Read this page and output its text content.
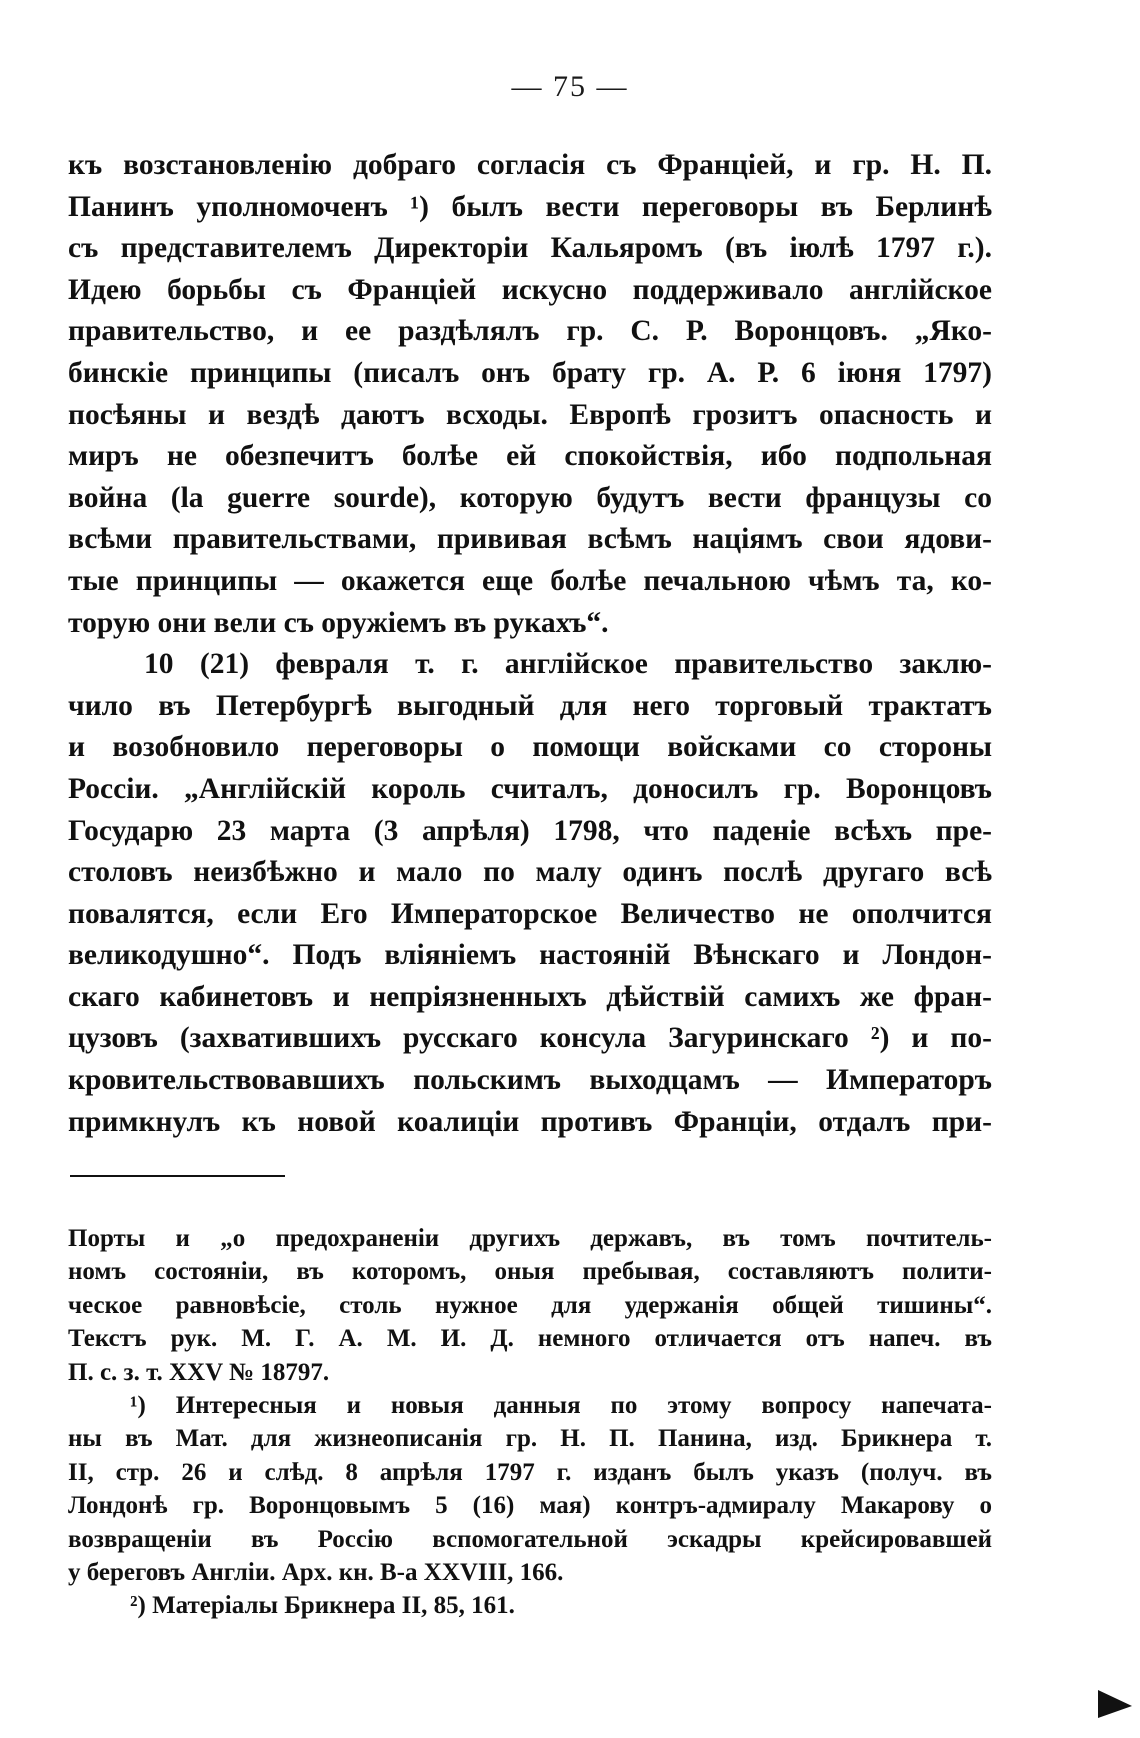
— 75 —
къ возстановленію добраго согласія съ Франціей, и гр. Н. П.
Панинъ уполномоченъ ¹) былъ вести переговоры въ Берлинѣ
съ представителемъ Директоріи Кальяромъ (въ іюлѣ 1797 г.).
Идею борьбы съ Франціей искусно поддерживало англійское
правительство, и ее раздѣлялъ гр. С. Р. Воронцовъ. „Яко-
бинскіе принципы (писалъ онъ брату гр. А. Р. 6 іюня 1797)
посѣяны и вездѣ даютъ всходы. Европѣ грозитъ опасность и
миръ не обезпечитъ болѣе ей спокойствія, ибо подпольная
война (la guerre sourde), которую будутъ вести французы со
всѣми правительствами, прививая всѣмъ націямъ свои ядови-
тые принципы — окажется еще болѣе печальною чѣмъ та, ко-
торую они вели съ оружіемъ въ рукахъ“.
10 (21) февраля т. г. англійское правительство заклю-
чило въ Петербургѣ выгодный для него торговый трактатъ
и возобновило переговоры о помощи войсками со стороны
Россіи. „Англійскій король считалъ, доносилъ гр. Воронцовъ
Государю 23 марта (3 апрѣля) 1798, что паденіе всѣхъ пре-
столовъ неизбѣжно и мало по малу одинъ послѣ другаго всѣ
повалятся, если Его Императорское Величество не ополчится
великодушно“. Подъ вліяніемъ настояній Вѣнскаго и Лондон-
скаго кабинетовъ и непріязненныхъ дѣйствій самихъ же фран-
цузовъ (захватившихъ русскаго консула Загуринскаго ²) и по-
кровительствовавшихъ польскимъ выходцамъ — Императоръ
примкнулъ къ новой коалиціи противъ Франціи, отдалъ при-
Порты и „о предохраненіи другихъ державъ, въ томъ почтитель-
номъ состояніи, въ которомъ, оныя пребывая, составляютъ полити-
ческое равновѣсіе, столь нужное для удержанія общей тишины“.
Текстъ рук. М. Г. А. М. И. Д. немного отличается отъ напеч. въ
П. с. з. т. XXV № 18797.
¹) Интересныя и новыя данныя по этому вопросу напечата-
ны въ Мат. для жизнеописанія гр. Н. П. Панина, изд. Брикнера т.
II, стр. 26 и слѣд. 8 апрѣля 1797 г. изданъ былъ указъ (получ. въ
Лондонѣ гр. Воронцовымъ 5 (16) мая) контръ-адмиралу Макарову о
возвращеніи въ Россію вспомогательной эскадры крейсировавшей
у береговъ Англіи. Арх. кн. В-а XXVIII, 166.
²) Матеріалы Брикнера II, 85, 161.
